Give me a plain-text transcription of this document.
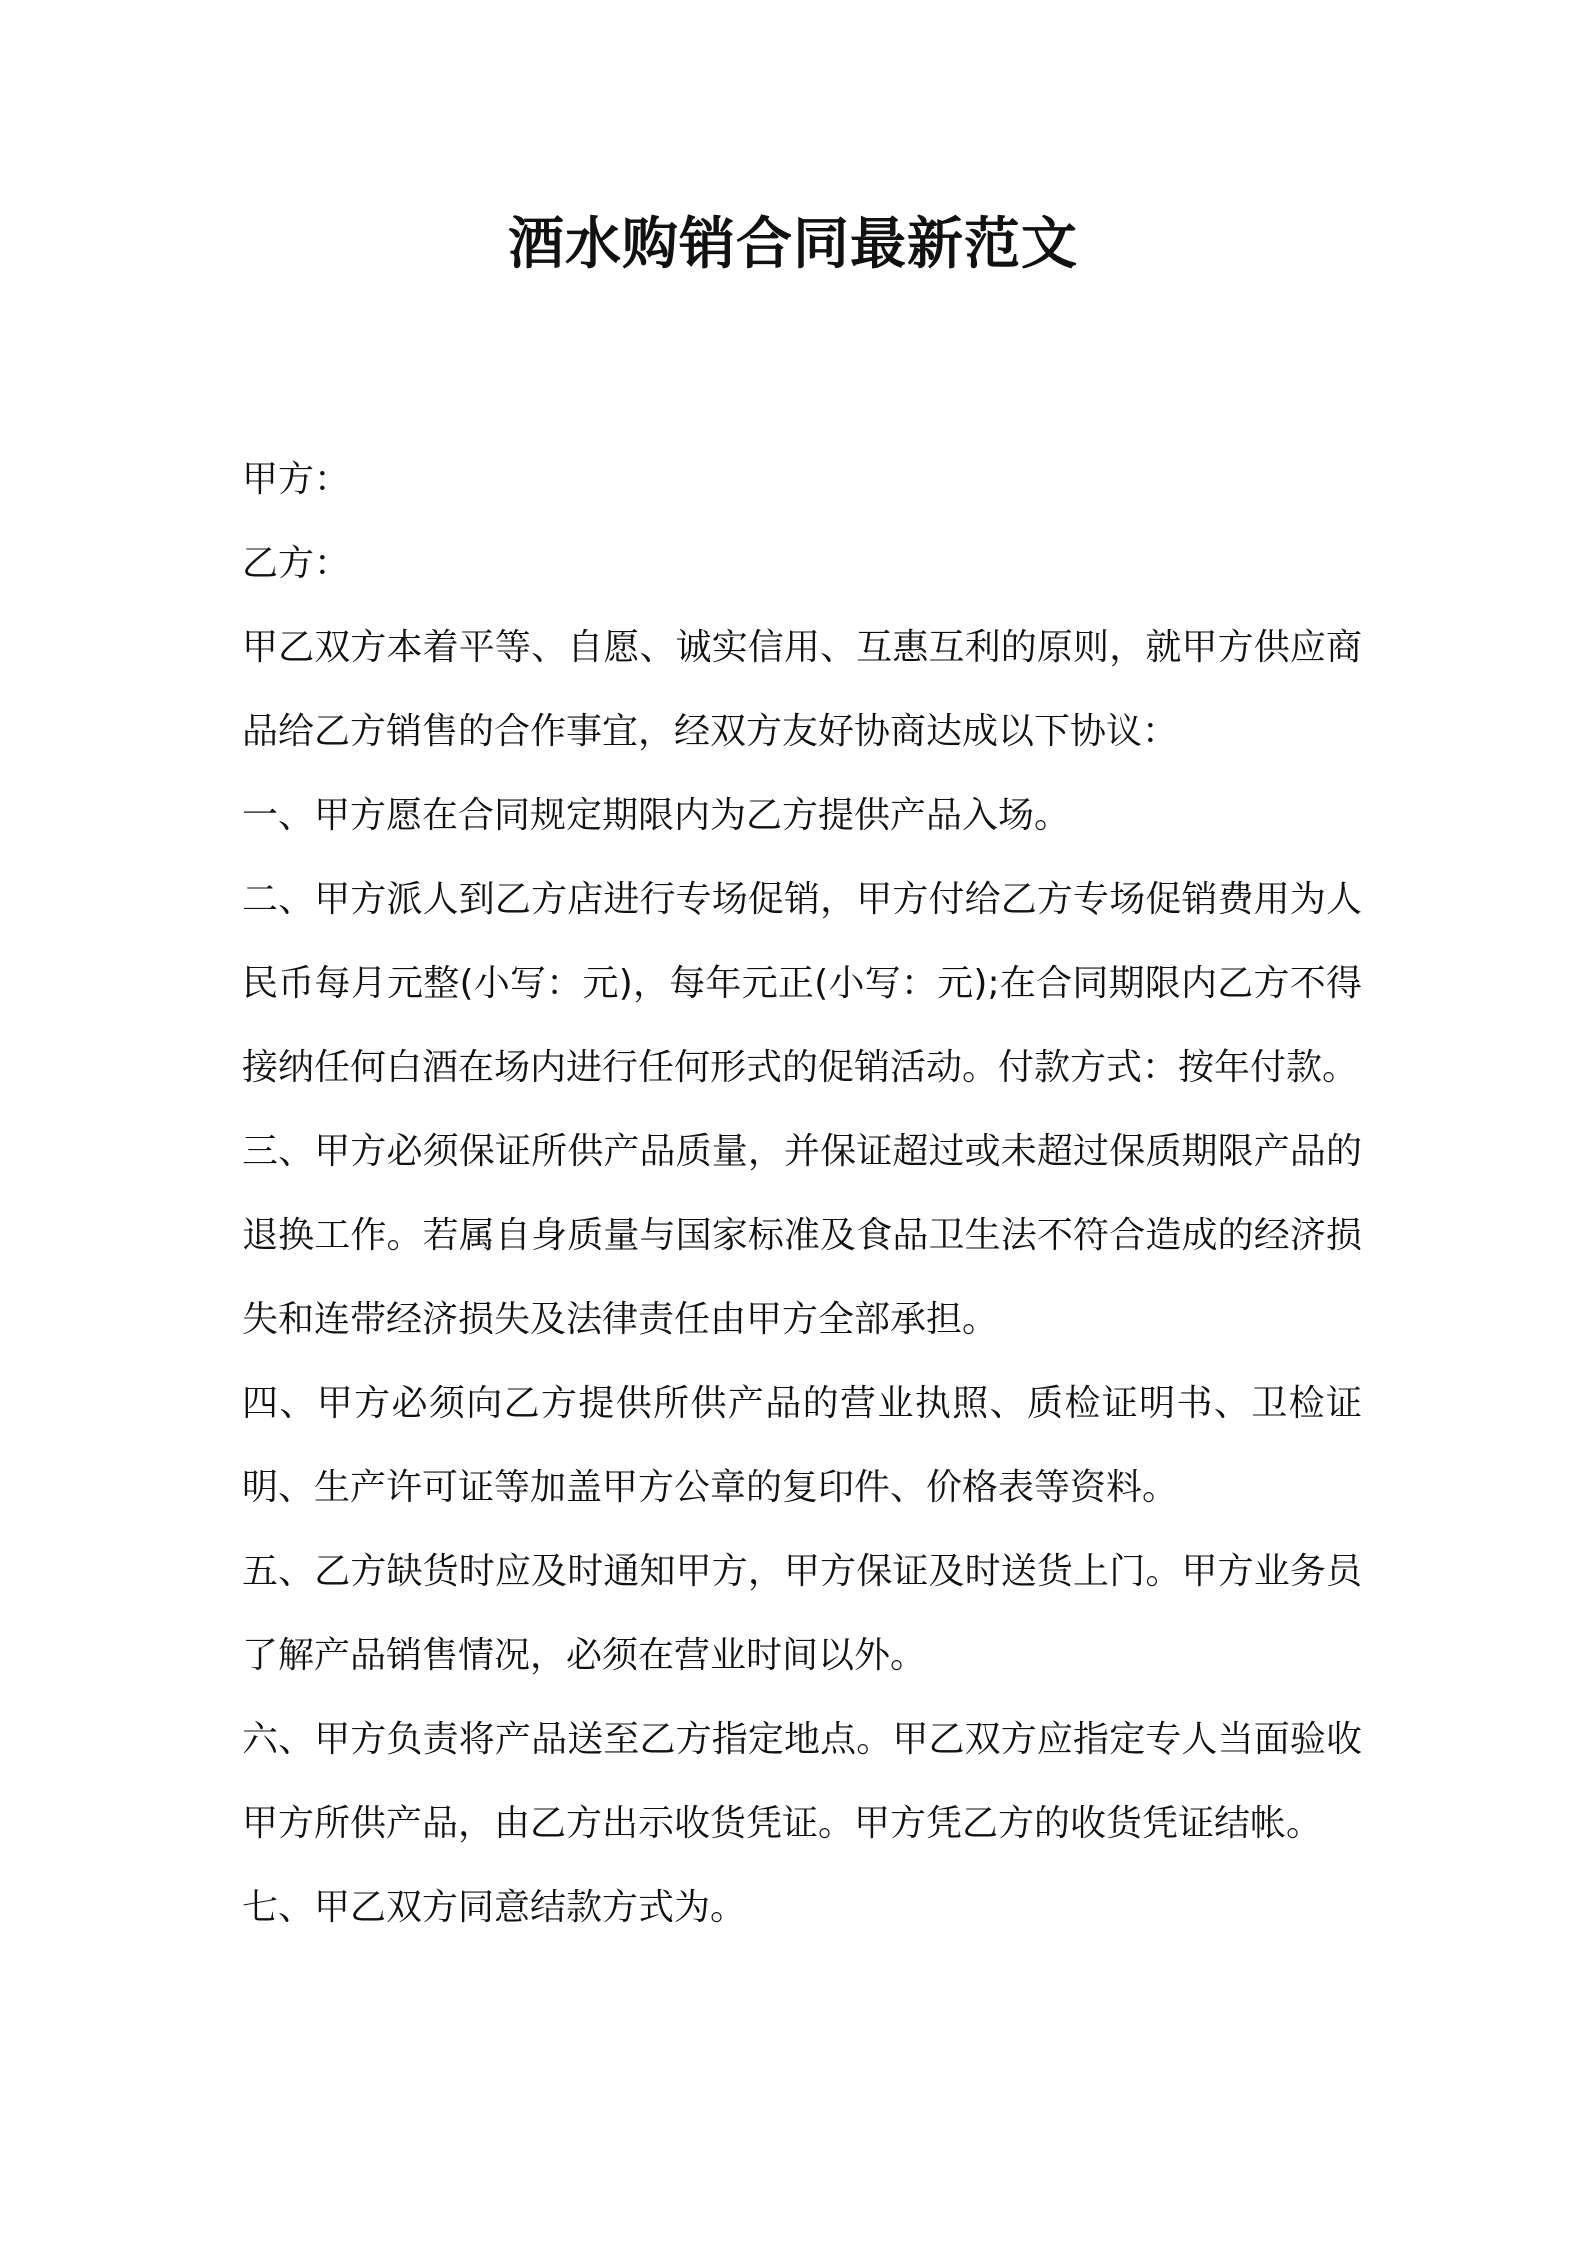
酒水购销合同最新范文

甲方：

乙方：

甲乙双方本着平等、自愿、诚实信用、互惠互利的原则，就甲方供应商品给乙方销售的合作事宜，经双方友好协商达成以下协议：

一、甲方愿在合同规定期限内为乙方提供产品入场。

二、甲方派人到乙方店进行专场促销，甲方付给乙方专场促销费用为人民币每月元整(小写：元)，每年元正(小写：元);在合同期限内乙方不得接纳任何白酒在场内进行任何形式的促销活动。付款方式：按年付款。

三、甲方必须保证所供产品质量，并保证超过或未超过保质期限产品的退换工作。若属自身质量与国家标准及食品卫生法不符合造成的经济损失和连带经济损失及法律责任由甲方全部承担。

四、甲方必须向乙方提供所供产品的营业执照、质检证明书、卫检证明、生产许可证等加盖甲方公章的复印件、价格表等资料。

五、乙方缺货时应及时通知甲方，甲方保证及时送货上门。甲方业务员了解产品销售情况，必须在营业时间以外。

六、甲方负责将产品送至乙方指定地点。甲乙双方应指定专人当面验收甲方所供产品，由乙方出示收货凭证。甲方凭乙方的收货凭证结帐。

七、甲乙双方同意结款方式为。
